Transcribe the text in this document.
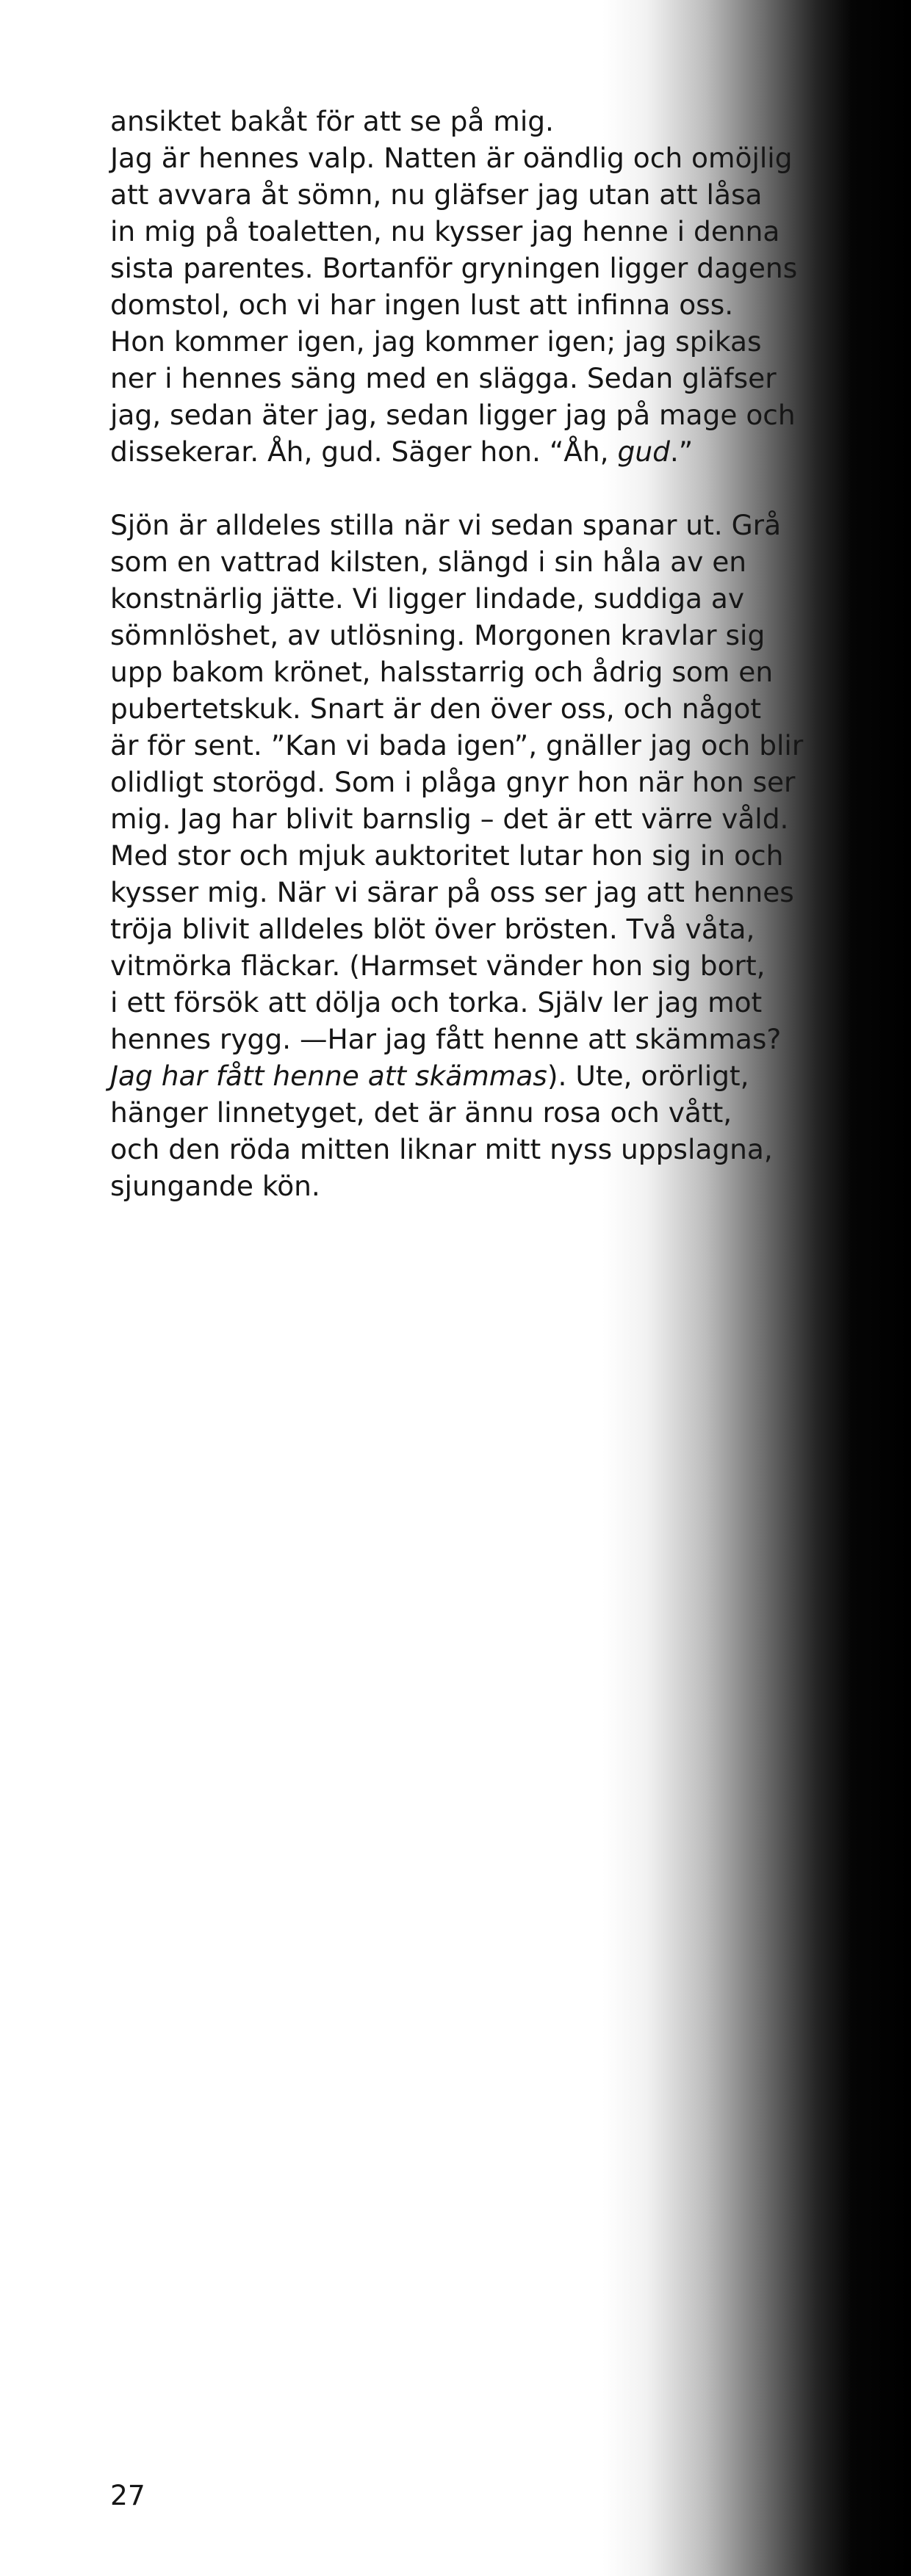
ansiktet bakåt för att se på mig.
Jag är hennes valp. Natten är oändlig och omöjlig
att avvara åt sömn, nu gläfser jag utan att låsa
in mig på toaletten, nu kysser jag henne i denna
sista parentes. Bortanför gryningen ligger dagens
domstol, och vi har ingen lust att infinna oss.
Hon kommer igen, jag kommer igen; jag spikas
ner i hennes säng med en slägga. Sedan gläfser
jag, sedan äter jag, sedan ligger jag på mage och
dissekerar. Åh, gud. Säger hon. “Åh, gud.”
Sjön är alldeles stilla när vi sedan spanar ut. Grå
som en vattrad kilsten, slängd i sin håla av en
konstnärlig jätte. Vi ligger lindade, suddiga av
sömnlöshet, av utlösning. Morgonen kravlar sig
upp bakom krönet, halsstarrig och ådrig som en
pubertetskuk. Snart är den över oss, och något
är för sent. ”Kan vi bada igen”, gnäller jag och blir
olidligt storögd. Som i plåga gnyr hon när hon ser
mig. Jag har blivit barnslig – det är ett värre våld.
Med stor och mjuk auktoritet lutar hon sig in och
kysser mig. När vi särar på oss ser jag att hennes
tröja blivit alldeles blöt över brösten. Två våta,
vitmörka fläckar. (Harmset vänder hon sig bort,
i ett försök att dölja och torka. Själv ler jag mot
hennes rygg. —Har jag fått henne att skämmas?
Jag har fått henne att skämmas). Ute, orörligt,
hänger linnetyget, det är ännu rosa och vått,
och den röda mitten liknar mitt nyss uppslagna,
sjungande kön.
27
